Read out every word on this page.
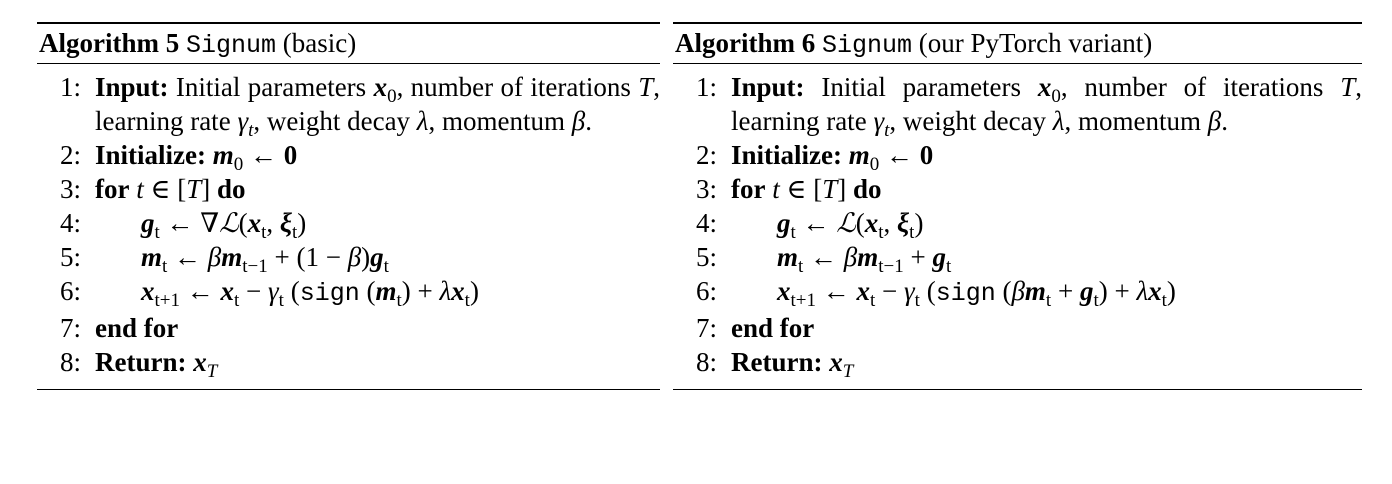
Algorithm 5 Signum (basic)
1: Input: Initial parameters $x_0$, number of iterations T, learning rate $\gamma_t$, weight decay λ, momentum β.
2: Initialize: $m_0$ ← 0
3: for t ∈ [T] do
4: $g_t$ ← $\nabla ℒ(x_t$, $\xi_t$)
5: $m_t$ ← $\beta m_{t-1} + (1 - \beta)g_t$
6: $x_{t+1}$ ← $x_t - \gamma_t$ (sign $(m_t) + \lambda x_t$)
7: end for
8: Return: $x_T$
Algorithm 6 Signum (our PyTorch variant)
1: Input: Initial parameters $x_0$, number of iterations T, learning rate $\gamma_t$, weight decay λ, momentum β.
2: Initialize: $m_0$ ← 0
3: for t ∈ [T] do
4: $g_t$ ← $ℒ(x_t$, $\xi_t$)
5: $m_t$ ← $\beta m_{t-1} + g_t$
6: $x_{t+1}$ ← $x_t - \gamma_t$ (sign $(\beta m_t + g_t) + \lambda x_t$)
7: end for
8: Return: $x_T$
